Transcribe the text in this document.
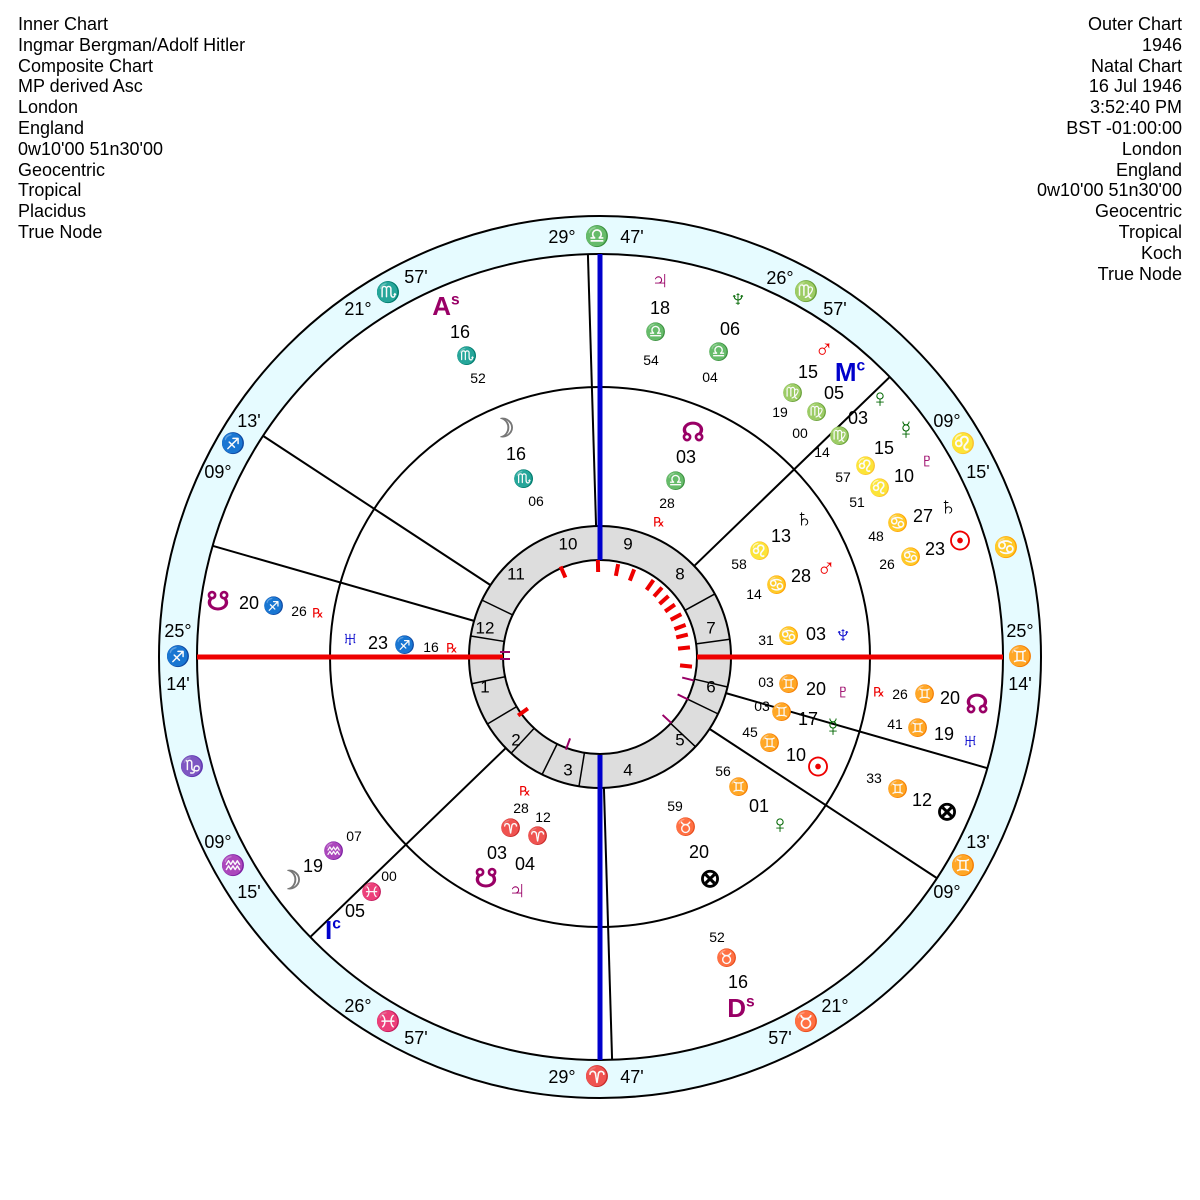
Inner Chart
Ingmar Bergman/Adolf Hitler
Composite Chart
MP derived Asc
London
England
0w10'00 51n30'00
Geocentric
Tropical
Placidus
True Node
Outer Chart
1946
Natal Chart
16 Jul 1946
3:52:40 PM
BST -01:00:00
London
England
0w10'00 51n30'00
Geocentric
Tropical
Koch
True Node
1
2
3	4
5
6
7
8
9
10
11
12
29° ♎ 47'
29° ♈ 47'
25°
♐
14'
25°
♊
14'
21°
♏
57'	26°
♍
57'
09°
♐
13'	09°
♌
15'
09°
♒
15'	09°
♊
13'
26°
♓
57'
21°
♉
57'
♋
♑
♃
18
♎
54
♆
06
♎
04
♂
15
♍
19
$M^c$
05
♍
00
♀
03
♍
14
☿
15
♌
57
♇
10
♌
51	♄
27
♋
48 ☉
23
♋
26
☊
20
♊
26
℞
♅
19
♊
41
⊗
12
♊
33
⊗
20
♉
59
$D^s$
16
♉
52
$A^s$
16
♏
52
☽ 19
♒
07
$I^c$
05
♓
00
☽
16
♏
06
☊
03
♎
28
℞	♄
13
♌
58	♂
28
♋
14
♆
03
♋
31
♇
20
♊
03
☿
17
♊
03
☉
10
♊
45
♀
01
♊
56
♃
04
♈
12
☋
03
♈
28
℞
♅ 23 ♐ 16 ℞
☋ 20 ♐ 26 ℞
